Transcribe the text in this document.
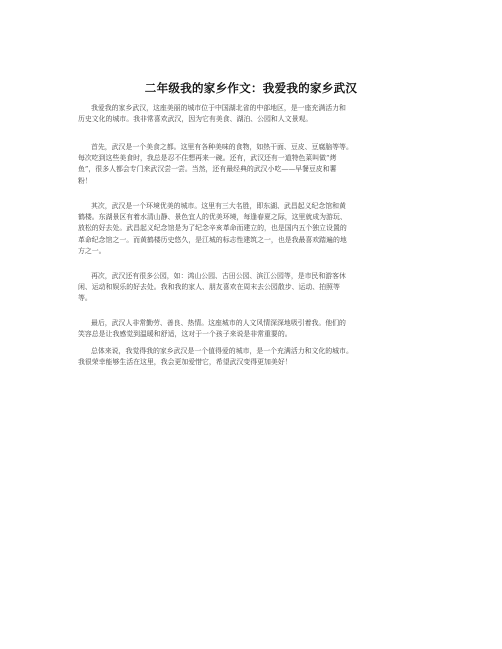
二年级我的家乡作文：我爱我的家乡武汉

我爱我的家乡武汉，这座美丽的城市位于中国湖北省的中部地区，是一座充满活力和
历史文化的城市。我非常喜欢武汉，因为它有美食、湖泊、公园和人文景观。

首先，武汉是一个美食之都。这里有各种美味的食物，如热干面、豆皮、豆腐脑等等。
每次吃到这些美食时，我总是忍不住想再来一碗。还有，武汉还有一道特色菜叫做“烤
鱼”，很多人都会专门来武汉尝一尝。当然，还有最经典的武汉小吃——早餐豆皮和薯
粉！

其次，武汉是一个环境优美的城市。这里有三大名胜，即东湖、武昌起义纪念馆和黄
鹤楼。东湖景区有着水清山静、景色宜人的优美环境，每逢春夏之际，这里就成为游玩、
放松的好去处。武昌起义纪念馆是为了纪念辛亥革命而建立的，也是国内五个独立设置的
革命纪念馆之一。而黄鹤楼历史悠久，是江城的标志性建筑之一，也是我最喜欢踏遍的地
方之一。

再次，武汉还有很多公园，如：鸿山公园、古田公园、滨江公园等，是市民和游客休
闲、运动和娱乐的好去处。我和我的家人、朋友喜欢在周末去公园散步、运动、拍照等
等。

最后，武汉人非常勤劳、善良、热情。这座城市的人文风情深深地吸引着我。他们的
笑容总是让我感觉到温暖和舒适，这对于一个孩子来说是非常重要的。

总体来说，我觉得我的家乡武汉是一个值得爱的城市，是一个充满活力和文化的城市。
我很荣幸能够生活在这里，我会更加爱惜它，希望武汉变得更加美好！
